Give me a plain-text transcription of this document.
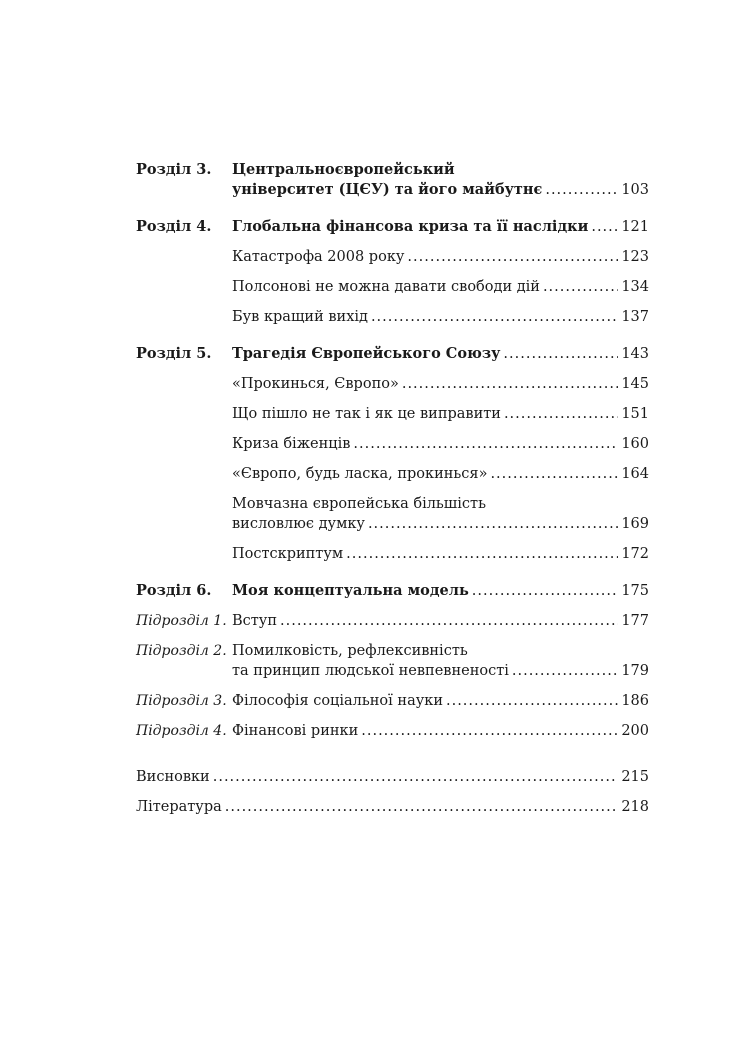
Розділ 3.	Центральноєвропейський
університет (ЦЄУ) та його майбутнє .....	103
Розділ 4.	Глобальна фінансова криза та її наслідки ..... 121
Катастрофа 2008 року .....	123
Полсонові не можна давати свободи дій .....	134
Був кращий вихід .....	137
Розділ 5.	Трагедія Європейського Союзу .....	143
«Прокинься, Європо» .....	145
Що пішло не так і як це виправити .....	151
Криза біженців .....	160
«Європо, будь ласка, прокинься» .....	164
Мовчазна європейська більшість
висловлює думку .....	169
Постскриптум .....	172
Розділ 6.	Моя концептуальна модель .....	175
Підрозділ 1. Вступ .....	177
Підрозділ 2. Помилковість, рефлексивність
та принцип людської невпевненості .....	179
Підрозділ 3. Філософія соціальної науки .....	186
Підрозділ 4. Фінансові ринки .....	200
Висновки .....	215
Література .....	218
